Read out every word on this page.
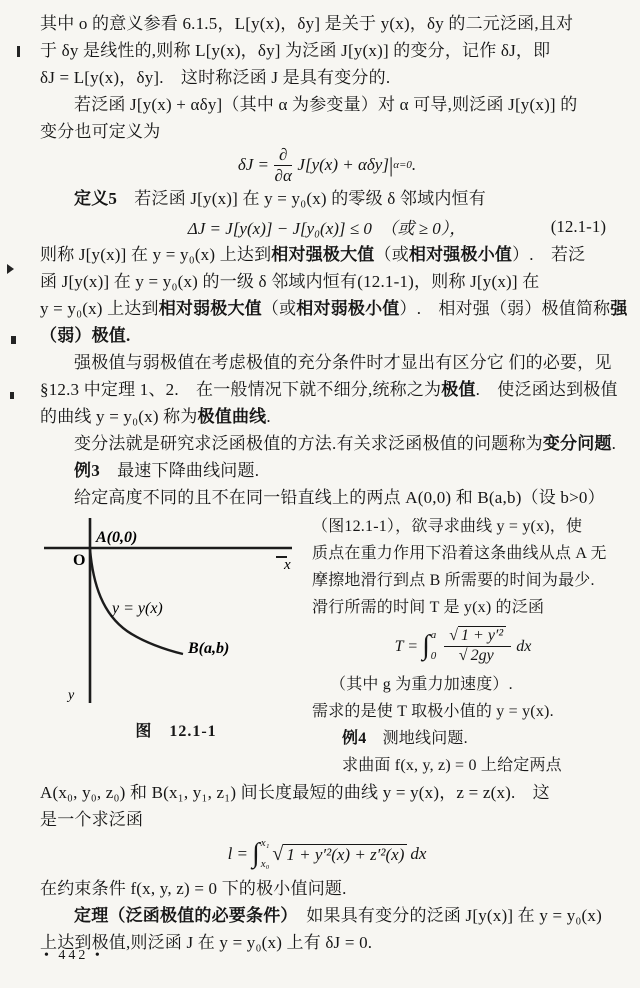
其中 o 的意义参看 6.1.5，L[y(x)，δy] 是关于 y(x)，δy 的二元泛函,且对
于 δy 是线性的,则称 L[y(x)，δy] 为泛函 J[y(x)] 的变分，记作 δJ，即
δJ = L[y(x)，δy].　这时称泛函 J 是具有变分的.
若泛函 J[y(x) + αδy]（其中 α 为参变量）对 α 可导,则泛函 J[y(x)] 的
变分也可定义为
$\delta J = \frac{\partial}{\partial\alpha} J[y(x) + \alpha\delta y]$ | α=0 .
定义5　若泛函 J[y(x)] 在 y = y₀(x) 的零级 δ 邻域内恒有
ΔJ = J[y(x)] − J[y₀(x)] ≤ 0　（或 ≥ 0），	(12.1-1)
则称 J[y(x)] 在 y = y₀(x) 上达到相对强极大值（或相对强极小值）.　若泛
函 J[y(x)] 在 y = y₀(x) 的一级 δ 邻域内恒有(12.1-1)，则称 J[y(x)] 在
y = y₀(x) 上达到相对弱极大值（或相对弱极小值）.　相对强（弱）极值简称强
（弱）极值.
强极值与弱极值在考虑极值的充分条件时才显出有区分它 们的必要，见
§12.3 中定理 1、2.　在一般情况下就不细分,统称之为极值.　使泛函达到极值
的曲线 y = y₀(x) 称为极值曲线.
变分法就是研究求泛函极值的方法.有关求泛函极值的问题称为变分问题.
例3　最速下降曲线问题.
给定高度不同的且不在同一铅直线上的两点 A(0,0) 和 B(a,b)（设 b>0）
A(0,0)
O	x
y
y = y(x)
B(a,b)
图　12.1-1
（图12.1-1），欲寻求曲线 y = y(x)，使
质点在重力作用下沿着这条曲线从点 A 无
摩擦地滑行到点 B 所需要的时间为最少.
滑行所需的时间 T 是 y(x) 的泛函
T = ∫ a
$0 \frac{\text{√ 1 + y′²}}{√ 2gy}$ dx
（其中 g 为重力加速度）.
需求的是使 T 取极小值的 y = y(x).
例4　测地线问题.
求曲面 f(x, y, z) = 0 上给定两点
A(x₀, y₀, z₀) 和 B(x₁, y₁, z₁) 间长度最短的曲线 y = y(x)，z = z(x).　这
是一个求泛函
l = ∫ x₁
x₀ √ 1 + y′²(x) + z′²(x) dx
在约束条件 f(x, y, z) = 0 下的极小值问题.
定理（泛函极值的必要条件）　如果具有变分的泛函 J[y(x)] 在 y = y₀(x)
上达到极值,则泛函 J 在 y = y₀(x) 上有 δJ = 0.
• 442 •
